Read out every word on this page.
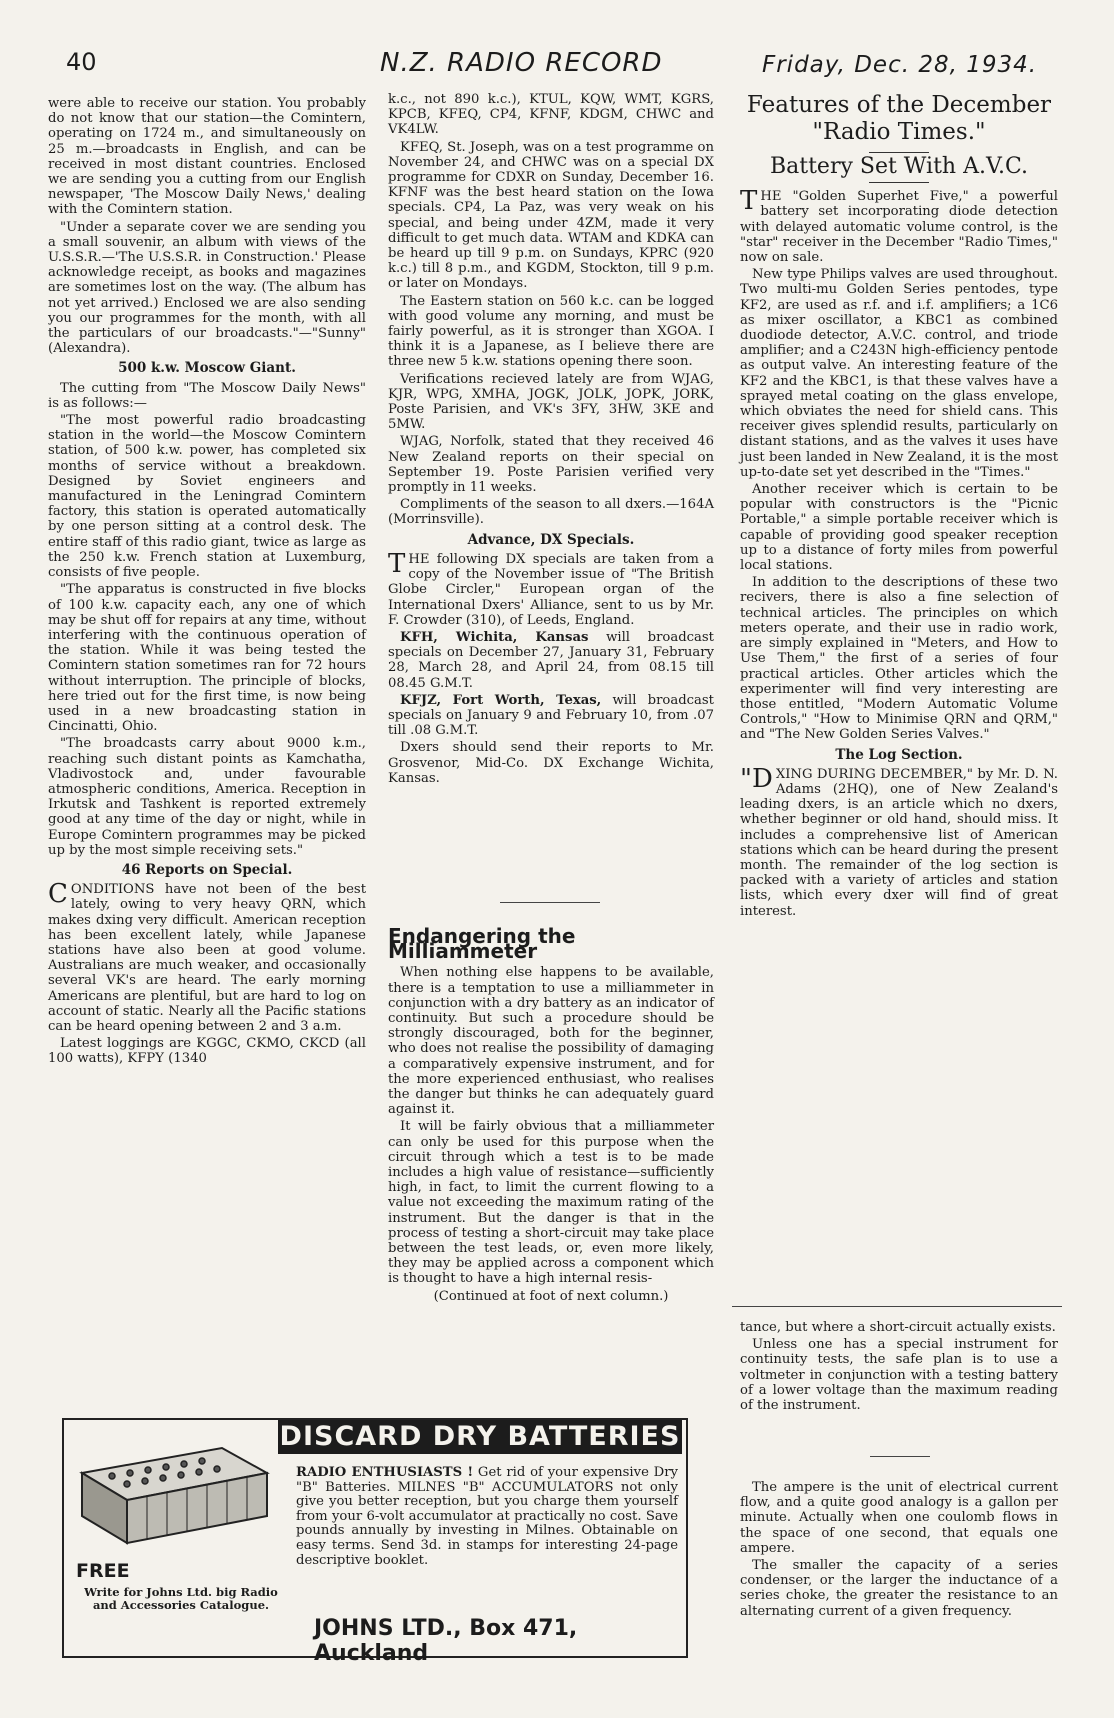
40	N.Z. RADIO RECORD	Friday, Dec. 28, 1934.

were able to receive our station. You probably do not know that our station—the Comintern, operating on 1724 m., and simultaneously on 25 m.—broadcasts in English, and can be received in most distant countries. Enclosed we are sending you a cutting from our English newspaper, 'The Moscow Daily News,' dealing with the Comintern station.

"Under a separate cover we are sending you a small souvenir, an album with views of the U.S.S.R.—'The U.S.S.R. in Construction.' Please acknowledge receipt, as books and magazines are sometimes lost on the way. (The album has not yet arrived.) Enclosed we are also sending you our programmes for the month, with all the particulars of our broadcasts."—"Sunny" (Alexandra).

500 k.w. Moscow Giant.

The cutting from "The Moscow Daily News" is as follows:—

"The most powerful radio broadcasting station in the world—the Moscow Comintern station, of 500 k.w. power, has completed six months of service without a breakdown. Designed by Soviet engineers and manufactured in the Leningrad Comintern factory, this station is operated automatically by one person sitting at a control desk. The entire staff of this radio giant, twice as large as the 250 k.w. French station at Luxemburg, consists of five people.

"The apparatus is constructed in five blocks of 100 k.w. capacity each, any one of which may be shut off for repairs at any time, without interfering with the continuous operation of the station. While it was being tested the Comintern station sometimes ran for 72 hours without interruption. The principle of blocks, here tried out for the first time, is now being used in a new broadcasting station in Cincinatti, Ohio.

"The broadcasts carry about 9000 k.m., reaching such distant points as Kamchatha, Vladivostock and, under favourable atmospheric conditions, America. Reception in Irkutsk and Tashkent is reported extremely good at any time of the day or night, while in Europe Comintern programmes may be picked up by the most simple receiving sets."

46 Reports on Special.

CONDITIONS have not been of the best lately, owing to very heavy QRN, which makes dxing very difficult. American reception has been excellent lately, while Japanese stations have also been at good volume. Australians are much weaker, and occasionally several VK's are heard. The early morning Americans are plentiful, but are hard to log on account of static. Nearly all the Pacific stations can be heard opening between 2 and 3 a.m.

Latest loggings are KGGC, CKMO, CKCD (all 100 watts), KFPY (1340

k.c., not 890 k.c.), KTUL, KQW, WMT, KGRS, KPCB, KFEQ, CP4, KFNF, KDGM, CHWC and VK4LW.

KFEQ, St. Joseph, was on a test programme on November 24, and CHWC was on a special DX programme for CDXR on Sunday, December 16. KFNF was the best heard station on the Iowa specials. CP4, La Paz, was very weak on his special, and being under 4ZM, made it very difficult to get much data. WTAM and KDKA can be heard up till 9 p.m. on Sundays, KPRC (920 k.c.) till 8 p.m., and KGDM, Stockton, till 9 p.m. or later on Mondays.

The Eastern station on 560 k.c. can be logged with good volume any morning, and must be fairly powerful, as it is stronger than XGOA. I think it is a Japanese, as I believe there are three new 5 k.w. stations opening there soon.

Verifications recieved lately are from WJAG, KJR, WPG, XMHA, JOGK, JOLK, JOPK, JORK, Poste Parisien, and VK's 3FY, 3HW, 3KE and 5MW.

WJAG, Norfolk, stated that they received 46 New Zealand reports on their special on September 19. Poste Parisien verified very promptly in 11 weeks.

Compliments of the season to all dxers.—164A (Morrinsville).

Advance, DX Specials.

THE following DX specials are taken from a copy of the November issue of "The British Globe Circler," European organ of the International Dxers' Alliance, sent to us by Mr. F. Crowder (310), of Leeds, England.

KFH, Wichita, Kansas will broadcast specials on December 27, January 31, February 28, March 28, and April 24, from 08.15 till 08.45 G.M.T.

KFJZ, Fort Worth, Texas, will broadcast specials on January 9 and February 10, from .07 till .08 G.M.T.

Dxers should send their reports to Mr. Grosvenor, Mid-Co. DX Exchange Wichita, Kansas.

Endangering the Milliammeter

When nothing else happens to be available, there is a temptation to use a milliammeter in conjunction with a dry battery as an indicator of continuity. But such a procedure should be strongly discouraged, both for the beginner, who does not realise the possibility of damaging a comparatively expensive instrument, and for the more experienced enthusiast, who realises the danger but thinks he can adequately guard against it.

It will be fairly obvious that a milliammeter can only be used for this purpose when the circuit through which a test is to be made includes a high value of resistance—sufficiently high, in fact, to limit the current flowing to a value not exceeding the maximum rating of the instrument. But the danger is that in the process of testing a short-circuit may take place between the test leads, or, even more likely, they may be applied across a component which is thought to have a high internal resis-

(Continued at foot of next column.)

Features of the December "Radio Times."
Battery Set With A.V.C.

THE "Golden Superhet Five," a powerful battery set incorporating diode detection with delayed automatic volume control, is the "star" receiver in the December "Radio Times," now on sale.

New type Philips valves are used throughout. Two multi-mu Golden Series pentodes, type KF2, are used as r.f. and i.f. amplifiers; a 1C6 as mixer oscillator, a KBC1 as combined duodiode detector, A.V.C. control, and triode amplifier; and a C243N high-efficiency pentode as output valve. An interesting feature of the KF2 and the KBC1, is that these valves have a sprayed metal coating on the glass envelope, which obviates the need for shield cans. This receiver gives splendid results, particularly on distant stations, and as the valves it uses have just been landed in New Zealand, it is the most up-to-date set yet described in the "Times."

Another receiver which is certain to be popular with constructors is the "Picnic Portable," a simple portable receiver which is capable of providing good speaker reception up to a distance of forty miles from powerful local stations.

In addition to the descriptions of these two recivers, there is also a fine selection of technical articles. The principles on which meters operate, and their use in radio work, are simply explained in "Meters, and How to Use Them," the first of a series of four practical articles. Other articles which the experimenter will find very interesting are those entitled, "Modern Automatic Volume Controls," "How to Minimise QRN and QRM," and "The New Golden Series Valves."

The Log Section.

"DXING DURING DECEMBER," by Mr. D. N. Adams (2HQ), one of New Zealand's leading dxers, is an article which no dxers, whether beginner or old hand, should miss. It includes a comprehensive list of American stations which can be heard during the present month. The remainder of the log section is packed with a variety of articles and station lists, which every dxer will find of great interest.

tance, but where a short-circuit actually exists.

Unless one has a special instrument for continuity tests, the safe plan is to use a voltmeter in conjunction with a testing battery of a lower voltage than the maximum reading of the instrument.

The ampere is the unit of electrical current flow, and a quite good analogy is a gallon per minute. Actually when one coulomb flows in the space of one second, that equals one ampere.

The smaller the capacity of a series condenser, or the larger the inductance of a series choke, the greater the resistance to an alternating current of a given frequency.

DISCARD DRY BATTERIES
RADIO ENTHUSIASTS ! Get rid of your expensive Dry "B" Batteries. MILNES "B" ACCUMULATORS not only give you better reception, but you charge them yourself from your 6-volt accumulator at practically no cost. Save pounds annually by investing in Milnes. Obtainable on easy terms. Send 3d. in stamps for interesting 24-page descriptive booklet.
FREE
Write for Johns Ltd. big Radio and Accessories Catalogue.
JOHNS LTD., Box 471, Auckland
